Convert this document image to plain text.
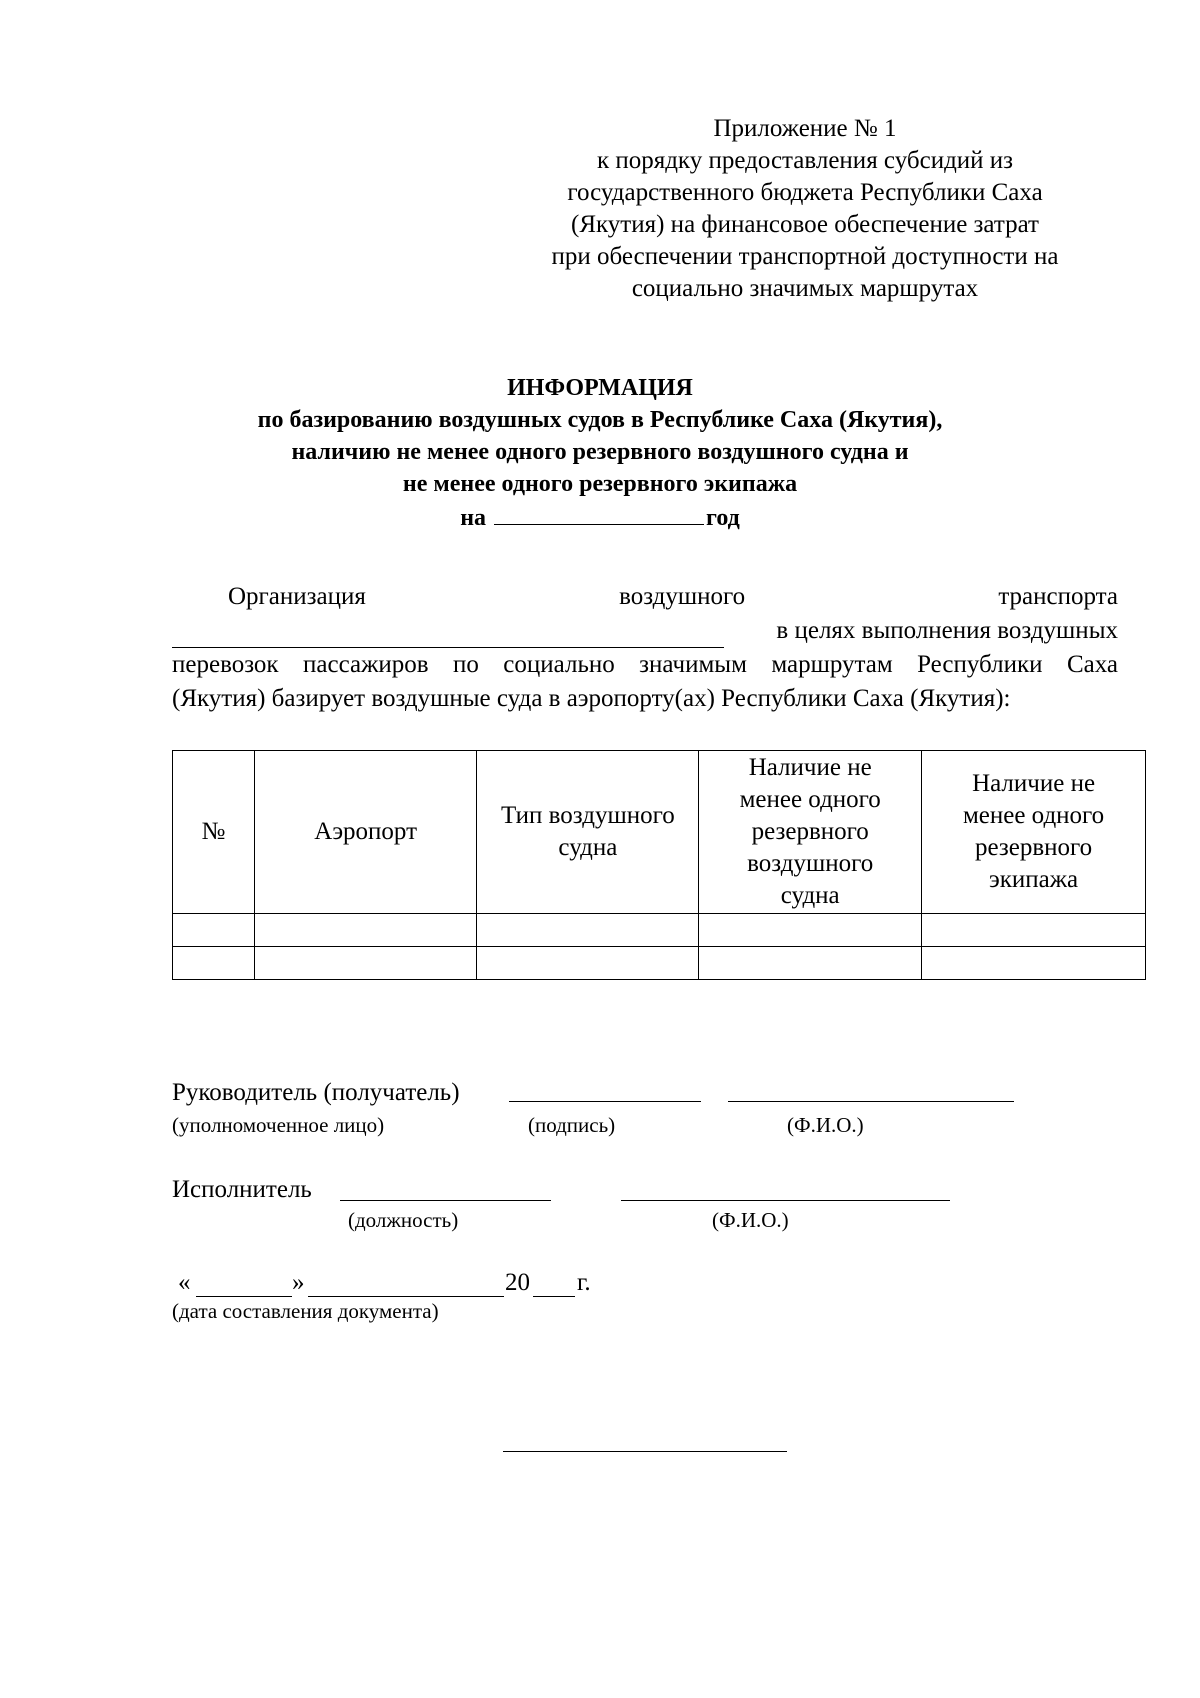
Приложение № 1
к порядку предоставления субсидий из
государственного бюджета Республики Саха
(Якутия) на финансовое обеспечение затрат
при обеспечении транспортной доступности на
социально значимых маршрутах
ИНФОРМАЦИЯ
по базированию воздушных судов в Республике Саха (Якутия),
наличию не менее одного резервного воздушного судна и
не менее одного резервного экипажа
на	год
Организация	воздушного	транспорта
в целях выполнения воздушных
перевозок пассажиров по социально значимым маршрутам Республики Саха
(Якутия) базирует воздушные суда в аэропорту(ах) Республики Саха (Якутия):
№	Аэропорт	Тип воздушного судна	Наличие не менее одного резервного воздушного судна	Наличие не менее одного резервного экипажа

Руководитель (получатель)
(уполномоченное лицо)	(подпись)	(Ф.И.О.)
Исполнитель
(должность)	(Ф.И.О.)
«	»	20 г.
(дата составления документа)
